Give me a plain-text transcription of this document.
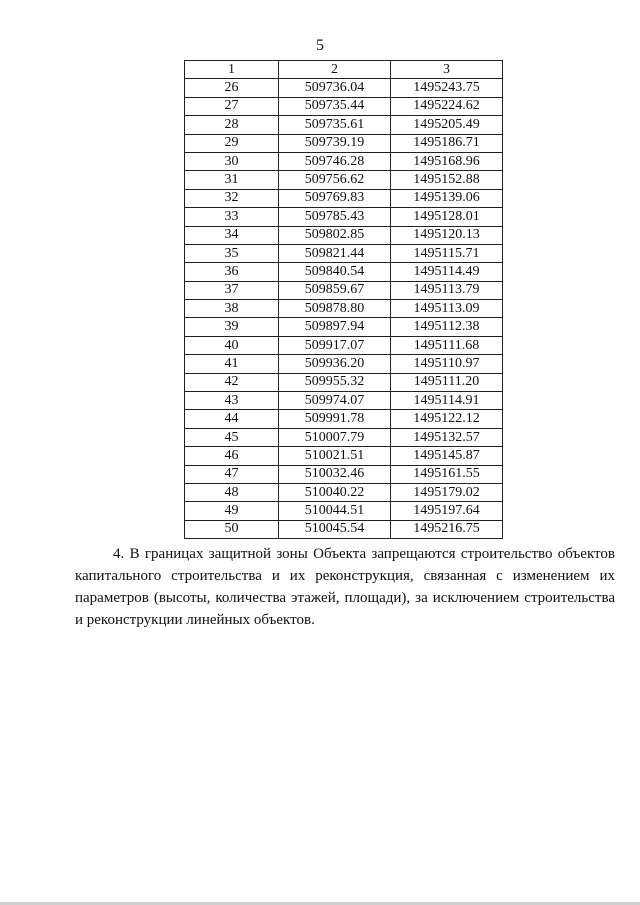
5
1	2	3
26	509736.04	1495243.75
27	509735.44	1495224.62
28	509735.61	1495205.49
29	509739.19	1495186.71
30	509746.28	1495168.96
31	509756.62	1495152.88
32	509769.83	1495139.06
33	509785.43	1495128.01
34	509802.85	1495120.13
35	509821.44	1495115.71
36	509840.54	1495114.49
37	509859.67	1495113.79
38	509878.80	1495113.09
39	509897.94	1495112.38
40	509917.07	1495111.68
41	509936.20	1495110.97
42	509955.32	1495111.20
43	509974.07	1495114.91
44	509991.78	1495122.12
45	510007.79	1495132.57
46	510021.51	1495145.87
47	510032.46	1495161.55
48	510040.22	1495179.02
49	510044.51	1495197.64
50	510045.54	1495216.75

4. В границах защитной зоны Объекта запрещаются строительство объектов капитального строительства и их реконструкция, связанная с изменением их параметров (высоты, количества этажей, площади), за исключением строительства и реконструкции линейных объектов.
